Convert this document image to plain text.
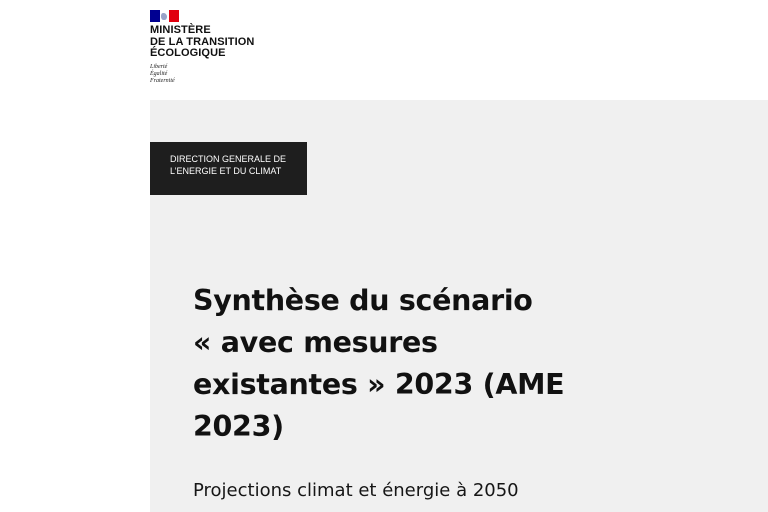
MINISTÈRE
DE LA TRANSITION
ÉCOLOGIQUE
Liberté
Égalité
Fraternité
DIRECTION GENERALE DE
L’ENERGIE ET DU CLIMAT
Synthèse du scénario
« avec mesures
existantes » 2023 (AME
2023)
Projections climat et énergie à 2050
